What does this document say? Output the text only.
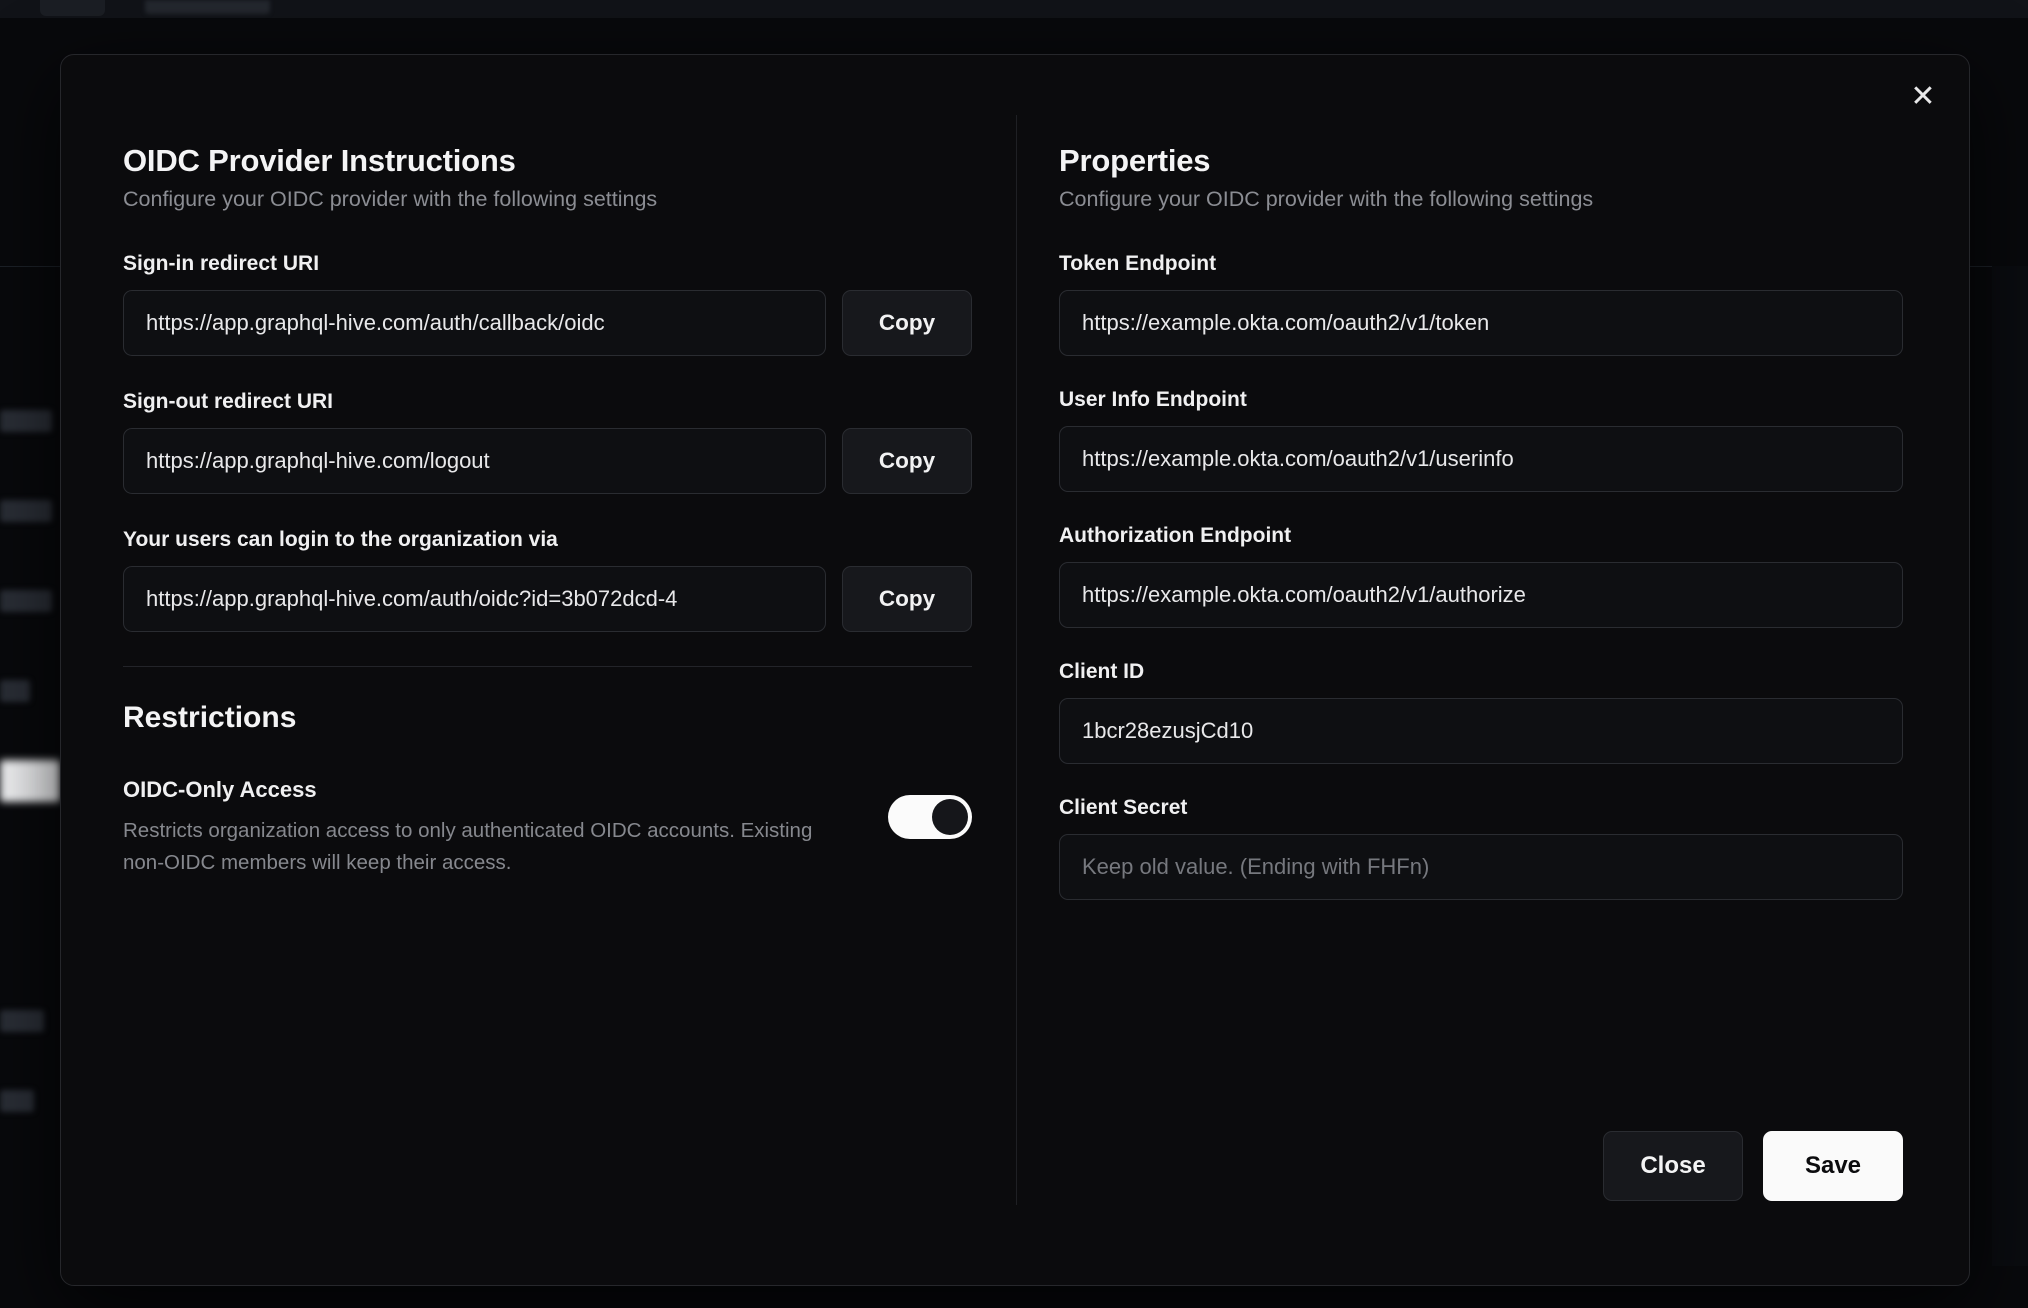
✕
OIDC Provider Instructions

Configure your OIDC provider with the following settings

Sign-in redirect URI
https://app.graphql-hive.com/auth/callback/oidc
Copy
Sign-out redirect URI
https://app.graphql-hive.com/logout
Copy
Your users can login to the organization via
https://app.graphql-hive.com/auth/oidc?id=3b072dcd-4
Copy
Restrictions
OIDC-Only Access
Restricts organization access to only authenticated OIDC accounts. Existing non-OIDC members will keep their access.
Properties

Configure your OIDC provider with the following settings

Token Endpoint
https://example.okta.com/oauth2/v1/token
User Info Endpoint
https://example.okta.com/oauth2/v1/userinfo
Authorization Endpoint
https://example.okta.com/oauth2/v1/authorize
Client ID
1bcr28ezusjCd10
Client Secret
Keep old value. (Ending with FHFn)
Close	Save
